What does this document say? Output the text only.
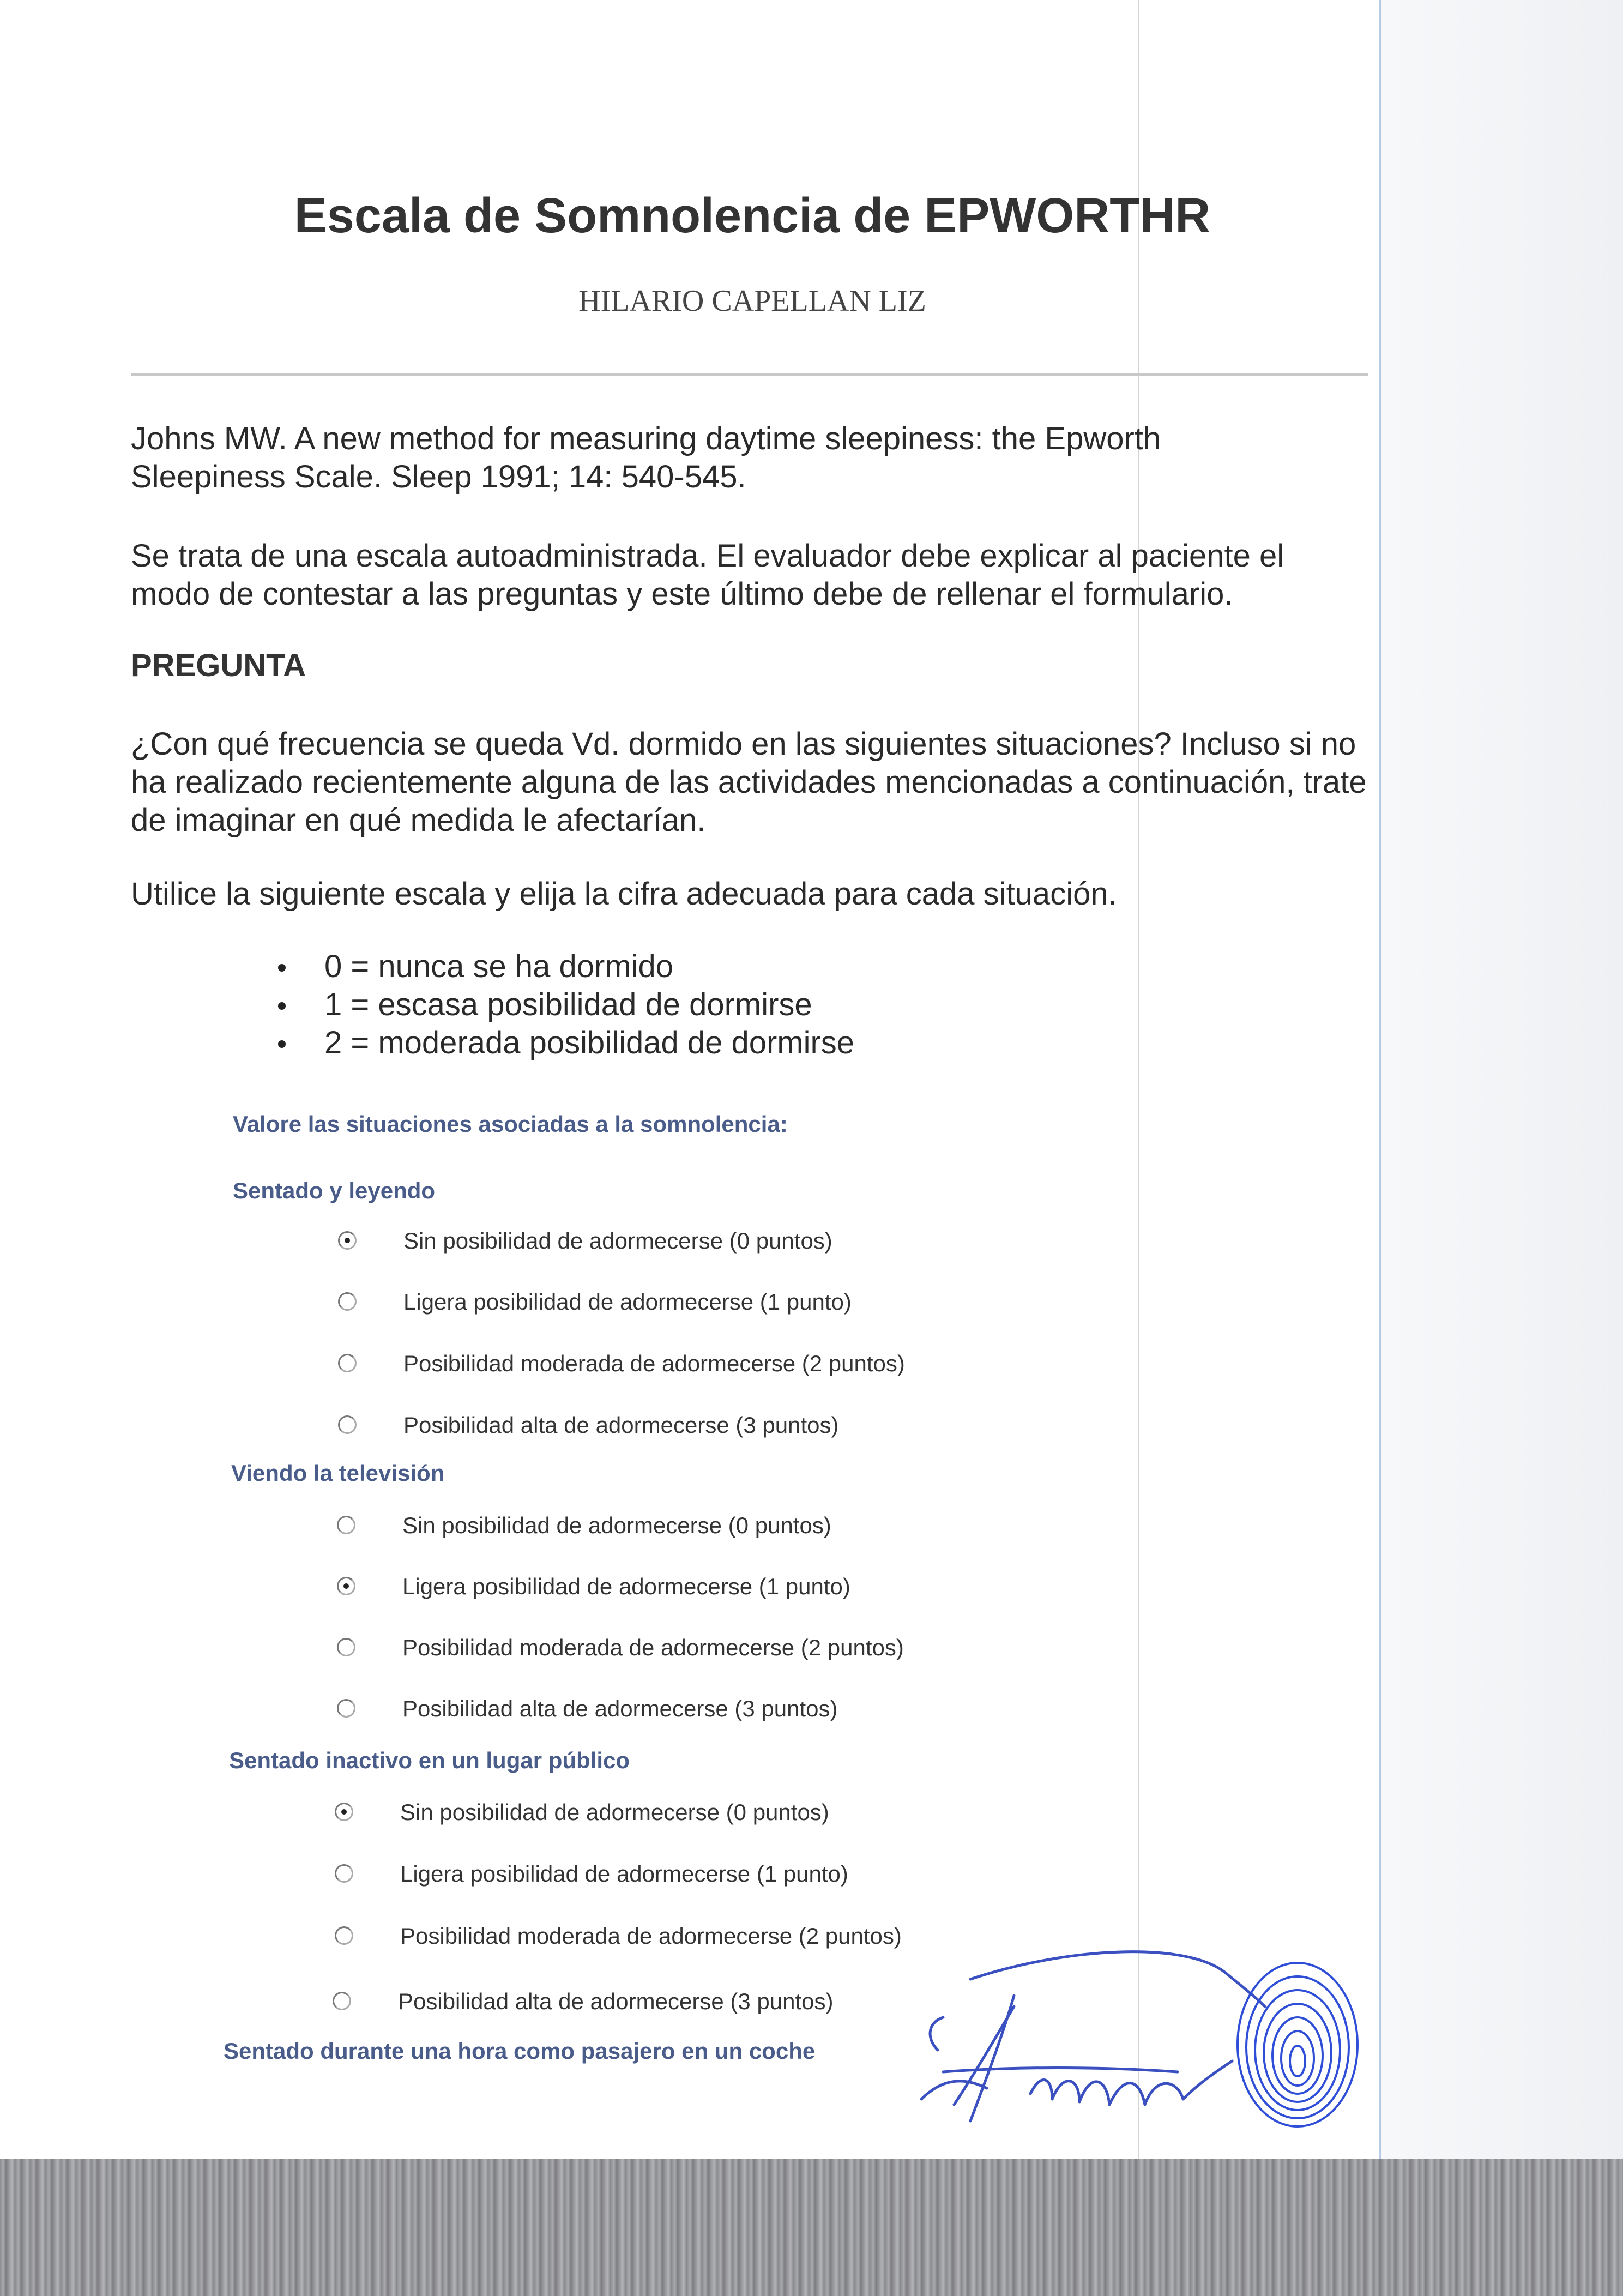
Escala de Somnolencia de EPWORTHR
HILARIO CAPELLAN LIZ
Johns MW. A new method for measuring daytime sleepiness: the Epworth Sleepiness Scale. Sleep 1991; 14: 540-545.
Se trata de una escala autoadministrada. El evaluador debe explicar al paciente el modo de contestar a las preguntas y este último debe de rellenar el formulario.
PREGUNTA
¿Con qué frecuencia se queda Vd. dormido en las siguientes situaciones? Incluso si no ha realizado recientemente alguna de las actividades mencionadas a continuación, trate de imaginar en qué medida le afectarían.
Utilice la siguiente escala y elija la cifra adecuada para cada situación.
0 = nunca se ha dormido
1 = escasa posibilidad de dormirse
2 = moderada posibilidad de dormirse
Valore las situaciones asociadas a la somnolencia:
Sentado y leyendo
Sin posibilidad de adormecerse (0 puntos)
Ligera posibilidad de adormecerse (1 punto)
Posibilidad moderada de adormecerse (2 puntos)
Posibilidad alta de adormecerse (3 puntos)
Viendo la televisión
Sin posibilidad de adormecerse (0 puntos)
Ligera posibilidad de adormecerse (1 punto)
Posibilidad moderada de adormecerse (2 puntos)
Posibilidad alta de adormecerse (3 puntos)
Sentado inactivo en un lugar público
Sin posibilidad de adormecerse (0 puntos)
Ligera posibilidad de adormecerse (1 punto)
Posibilidad moderada de adormecerse (2 puntos)
Posibilidad alta de adormecerse (3 puntos)
Sentado durante una hora como pasajero en un coche
